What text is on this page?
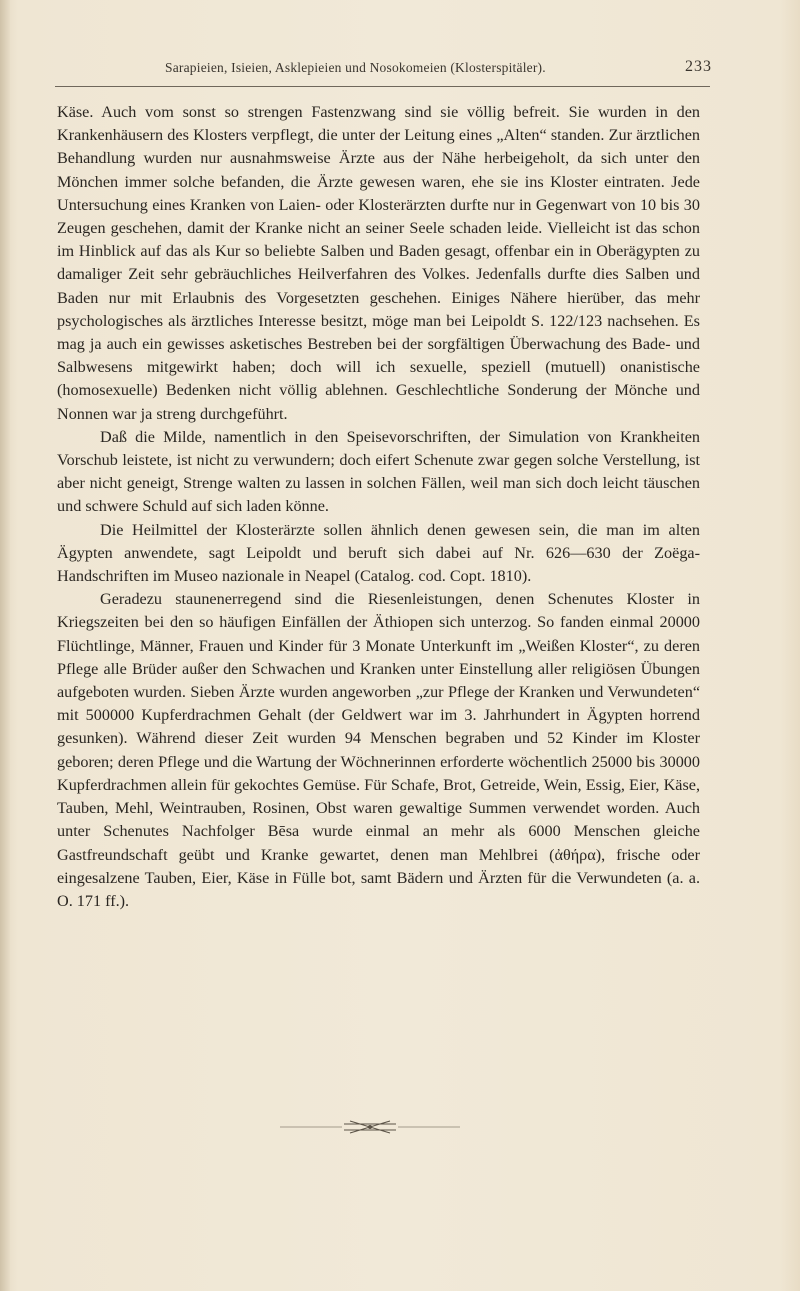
Sarapieien, Isieien, Asklepieien und Nosokomeien (Klosterspitäler).	233

Käse. Auch vom sonst so strengen Fastenzwang sind sie völlig befreit. Sie wurden in den Krankenhäusern des Klosters verpflegt, die unter der Leitung eines „Alten“ standen. Zur ärztlichen Behandlung wurden nur ausnahmsweise Ärzte aus der Nähe herbeigeholt, da sich unter den Mönchen immer solche befanden, die Ärzte gewesen waren, ehe sie ins Kloster eintraten. Jede Untersuchung eines Kranken von Laien- oder Klosterärzten durfte nur in Gegenwart von 10 bis 30 Zeugen geschehen, damit der Kranke nicht an seiner Seele schaden leide. Vielleicht ist das schon im Hinblick auf das als Kur so beliebte Salben und Baden gesagt, offenbar ein in Oberägypten zu damaliger Zeit sehr gebräuchliches Heilverfahren des Volkes. Jedenfalls durfte dies Salben und Baden nur mit Erlaubnis des Vorgesetzten geschehen. Einiges Nähere hierüber, das mehr psychologisches als ärztliches Interesse besitzt, möge man bei Leipoldt S. 122/123 nachsehen. Es mag ja auch ein gewisses asketisches Bestreben bei der sorgfältigen Überwachung des Bade- und Salbwesens mitgewirkt haben; doch will ich sexuelle, speziell (mutuell) onanistische (homosexuelle) Bedenken nicht völlig ablehnen. Geschlechtliche Sonderung der Mönche und Nonnen war ja streng durchgeführt.

Daß die Milde, namentlich in den Speisevorschriften, der Simulation von Krankheiten Vorschub leistete, ist nicht zu verwundern; doch eifert Schenute zwar gegen solche Verstellung, ist aber nicht geneigt, Strenge walten zu lassen in solchen Fällen, weil man sich doch leicht täuschen und schwere Schuld auf sich laden könne.

Die Heilmittel der Klosterärzte sollen ähnlich denen gewesen sein, die man im alten Ägypten anwendete, sagt Leipoldt und beruft sich dabei auf Nr. 626—630 der Zoëga-Handschriften im Museo nazionale in Neapel (Catalog. cod. Copt. 1810).

Geradezu staunenerregend sind die Riesenleistungen, denen Schenutes Kloster in Kriegszeiten bei den so häufigen Einfällen der Äthiopen sich unterzog. So fanden einmal 20000 Flüchtlinge, Männer, Frauen und Kinder für 3 Monate Unterkunft im „Weißen Kloster“, zu deren Pflege alle Brüder außer den Schwachen und Kranken unter Einstellung aller religiösen Übungen aufgeboten wurden. Sieben Ärzte wurden angeworben „zur Pflege der Kranken und Verwundeten“ mit 500000 Kupferdrachmen Gehalt (der Geldwert war im 3. Jahrhundert in Ägypten horrend gesunken). Während dieser Zeit wurden 94 Menschen begraben und 52 Kinder im Kloster geboren; deren Pflege und die Wartung der Wöchnerinnen erforderte wöchentlich 25000 bis 30000 Kupferdrachmen allein für gekochtes Gemüse. Für Schafe, Brot, Getreide, Wein, Essig, Eier, Käse, Tauben, Mehl, Weintrauben, Rosinen, Obst waren gewaltige Summen verwendet worden. Auch unter Schenutes Nachfolger Bēsa wurde einmal an mehr als 6000 Menschen gleiche Gastfreundschaft geübt und Kranke gewartet, denen man Mehlbrei (ἀθήρα), frische oder eingesalzene Tauben, Eier, Käse in Fülle bot, samt Bädern und Ärzten für die Verwundeten (a. a. O. 171 ff.).
